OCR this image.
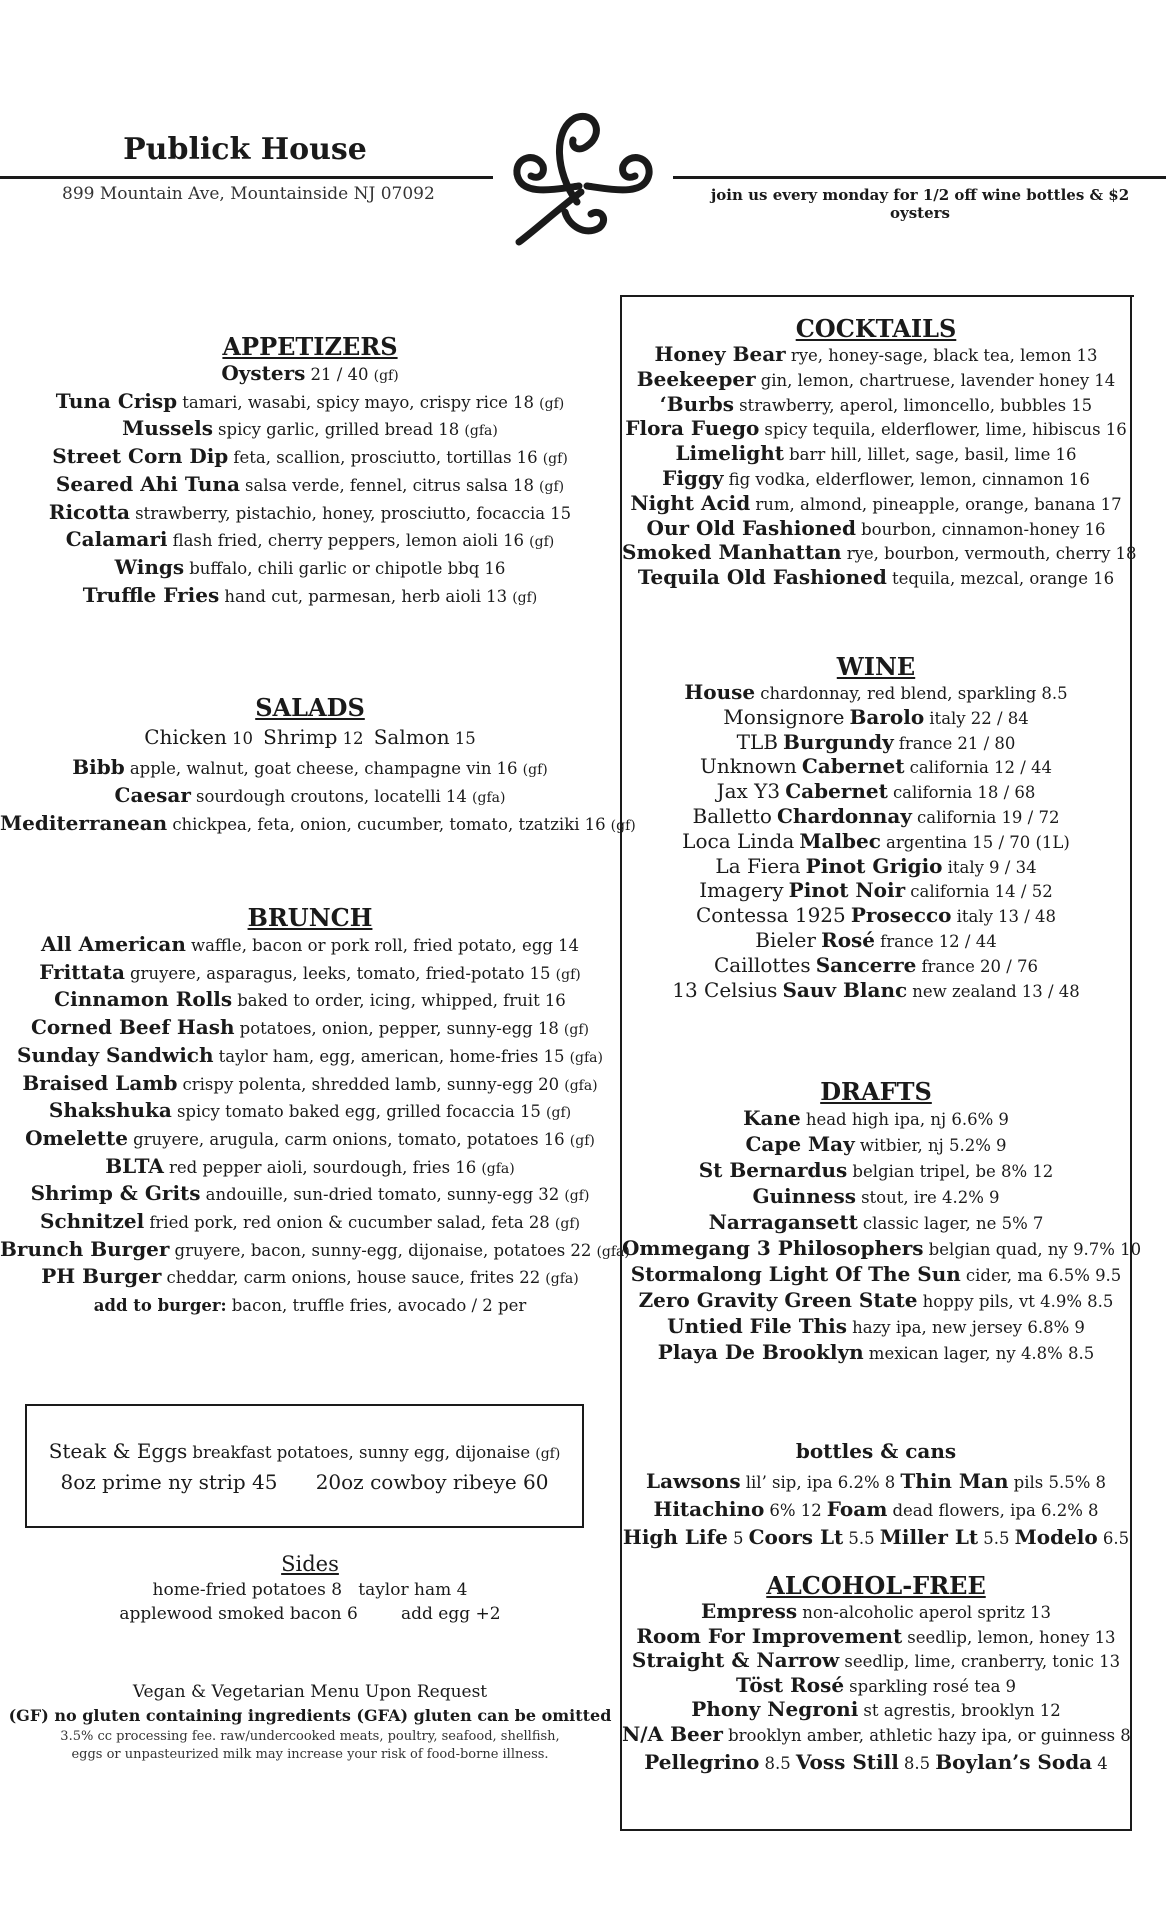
Publick House
899 Mountain Ave, Mountainside NJ 07092	join us every monday for 1/2 off wine bottles & $2 oysters
APPETIZERS
Oysters 21 / 40 (gf)
Tuna Crisp tamari, wasabi, spicy mayo, crispy rice 18 (gf)
Mussels spicy garlic, grilled bread 18 (gfa)
Street Corn Dip feta, scallion, prosciutto, tortillas 16 (gf)
Seared Ahi Tuna salsa verde, fennel, citrus salsa 18 (gf)
Ricotta strawberry, pistachio, honey, prosciutto, focaccia 15
Calamari flash fried, cherry peppers, lemon aioli 16 (gf)
Wings buffalo, chili garlic or chipotle bbq 16
Truffle Fries hand cut, parmesan, herb aioli 13 (gf)
SALADS
Chicken 10 Shrimp 12 Salmon 15
Bibb apple, walnut, goat cheese, champagne vin 16 (gf)
Caesar sourdough croutons, locatelli 14 (gfa)
Mediterranean chickpea, feta, onion, cucumber, tomato, tzatziki 16 (gf)
BRUNCH
All American waffle, bacon or pork roll, fried potato, egg 14
Frittata gruyere, asparagus, leeks, tomato, fried-potato 15 (gf)
Cinnamon Rolls baked to order, icing, whipped, fruit 16
Corned Beef Hash potatoes, onion, pepper, sunny-egg 18 (gf)
Sunday Sandwich taylor ham, egg, american, home-fries 15 (gfa)
Braised Lamb crispy polenta, shredded lamb, sunny-egg 20 (gfa)
Shakshuka spicy tomato baked egg, grilled focaccia 15 (gf)
Omelette gruyere, arugula, carm onions, tomato, potatoes 16 (gf)
BLTA red pepper aioli, sourdough, fries 16 (gfa)
Shrimp & Grits andouille, sun-dried tomato, sunny-egg 32 (gf)
Schnitzel fried pork, red onion & cucumber salad, feta 28 (gf)
Brunch Burger gruyere, bacon, sunny-egg, dijonaise, potatoes 22 (gfa)
PH Burger cheddar, carm onions, house sauce, frites 22 (gfa)
add to burger: bacon, truffle fries, avocado / 2 per
Steak & Eggs breakfast potatoes, sunny egg, dijonaise (gf)
8oz prime ny strip 45 20oz cowboy ribeye 60
Sides
home-fried potatoes 8 taylor ham 4
applewood smoked bacon 6	add egg +2
Vegan & Vegetarian Menu Upon Request
(GF) no gluten containing ingredients (GFA) gluten can be omitted
3.5% cc processing fee. raw/undercooked meats, poultry, seafood, shellfish,
eggs or unpasteurized milk may increase your risk of food-borne illness.
COCKTAILS
Honey Bear rye, honey-sage, black tea, lemon 13
Beekeeper gin, lemon, chartruese, lavender honey 14
‘Burbs strawberry, aperol, limoncello, bubbles 15
Flora Fuego spicy tequila, elderflower, lime, hibiscus 16
Limelight barr hill, lillet, sage, basil, lime 16
Figgy fig vodka, elderflower, lemon, cinnamon 16
Night Acid rum, almond, pineapple, orange, banana 17
Our Old Fashioned bourbon, cinnamon-honey 16
Smoked Manhattan rye, bourbon, vermouth, cherry 18
Tequila Old Fashioned tequila, mezcal, orange 16
WINE
House chardonnay, red blend, sparkling 8.5
Monsignore Barolo italy 22 / 84
TLB Burgundy france 21 / 80
Unknown Cabernet california 12 / 44
Jax Y3 Cabernet california 18 / 68
Balletto Chardonnay california 19 / 72
Loca Linda Malbec argentina 15 / 70 (1L)
La Fiera Pinot Grigio italy 9 / 34
Imagery Pinot Noir california 14 / 52
Contessa 1925 Prosecco italy 13 / 48
Bieler Rosé france 12 / 44
Caillottes Sancerre france 20 / 76
13 Celsius Sauv Blanc new zealand 13 / 48
DRAFTS
Kane head high ipa, nj 6.6% 9
Cape May witbier, nj 5.2% 9
St Bernardus belgian tripel, be 8% 12
Guinness stout, ire 4.2% 9
Narragansett classic lager, ne 5% 7
Ommegang 3 Philosophers belgian quad, ny 9.7% 10
Stormalong Light Of The Sun cider, ma 6.5% 9.5
Zero Gravity Green State hoppy pils, vt 4.9% 8.5
Untied File This hazy ipa, new jersey 6.8% 9
Playa De Brooklyn mexican lager, ny 4.8% 8.5
bottles & cans
Lawsons lil’ sip, ipa 6.2% 8 Thin Man pils 5.5% 8
Hitachino 6% 12 Foam dead flowers, ipa 6.2% 8
High Life 5 Coors Lt 5.5 Miller Lt 5.5 Modelo 6.5
ALCOHOL-FREE
Empress non-alcoholic aperol spritz 13
Room For Improvement seedlip, lemon, honey 13
Straight & Narrow seedlip, lime, cranberry, tonic 13
Töst Rosé sparkling rosé tea 9
Phony Negroni st agrestis, brooklyn 12
N/A Beer brooklyn amber, athletic hazy ipa, or guinness 8
Pellegrino 8.5 Voss Still 8.5 Boylan’s Soda 4
